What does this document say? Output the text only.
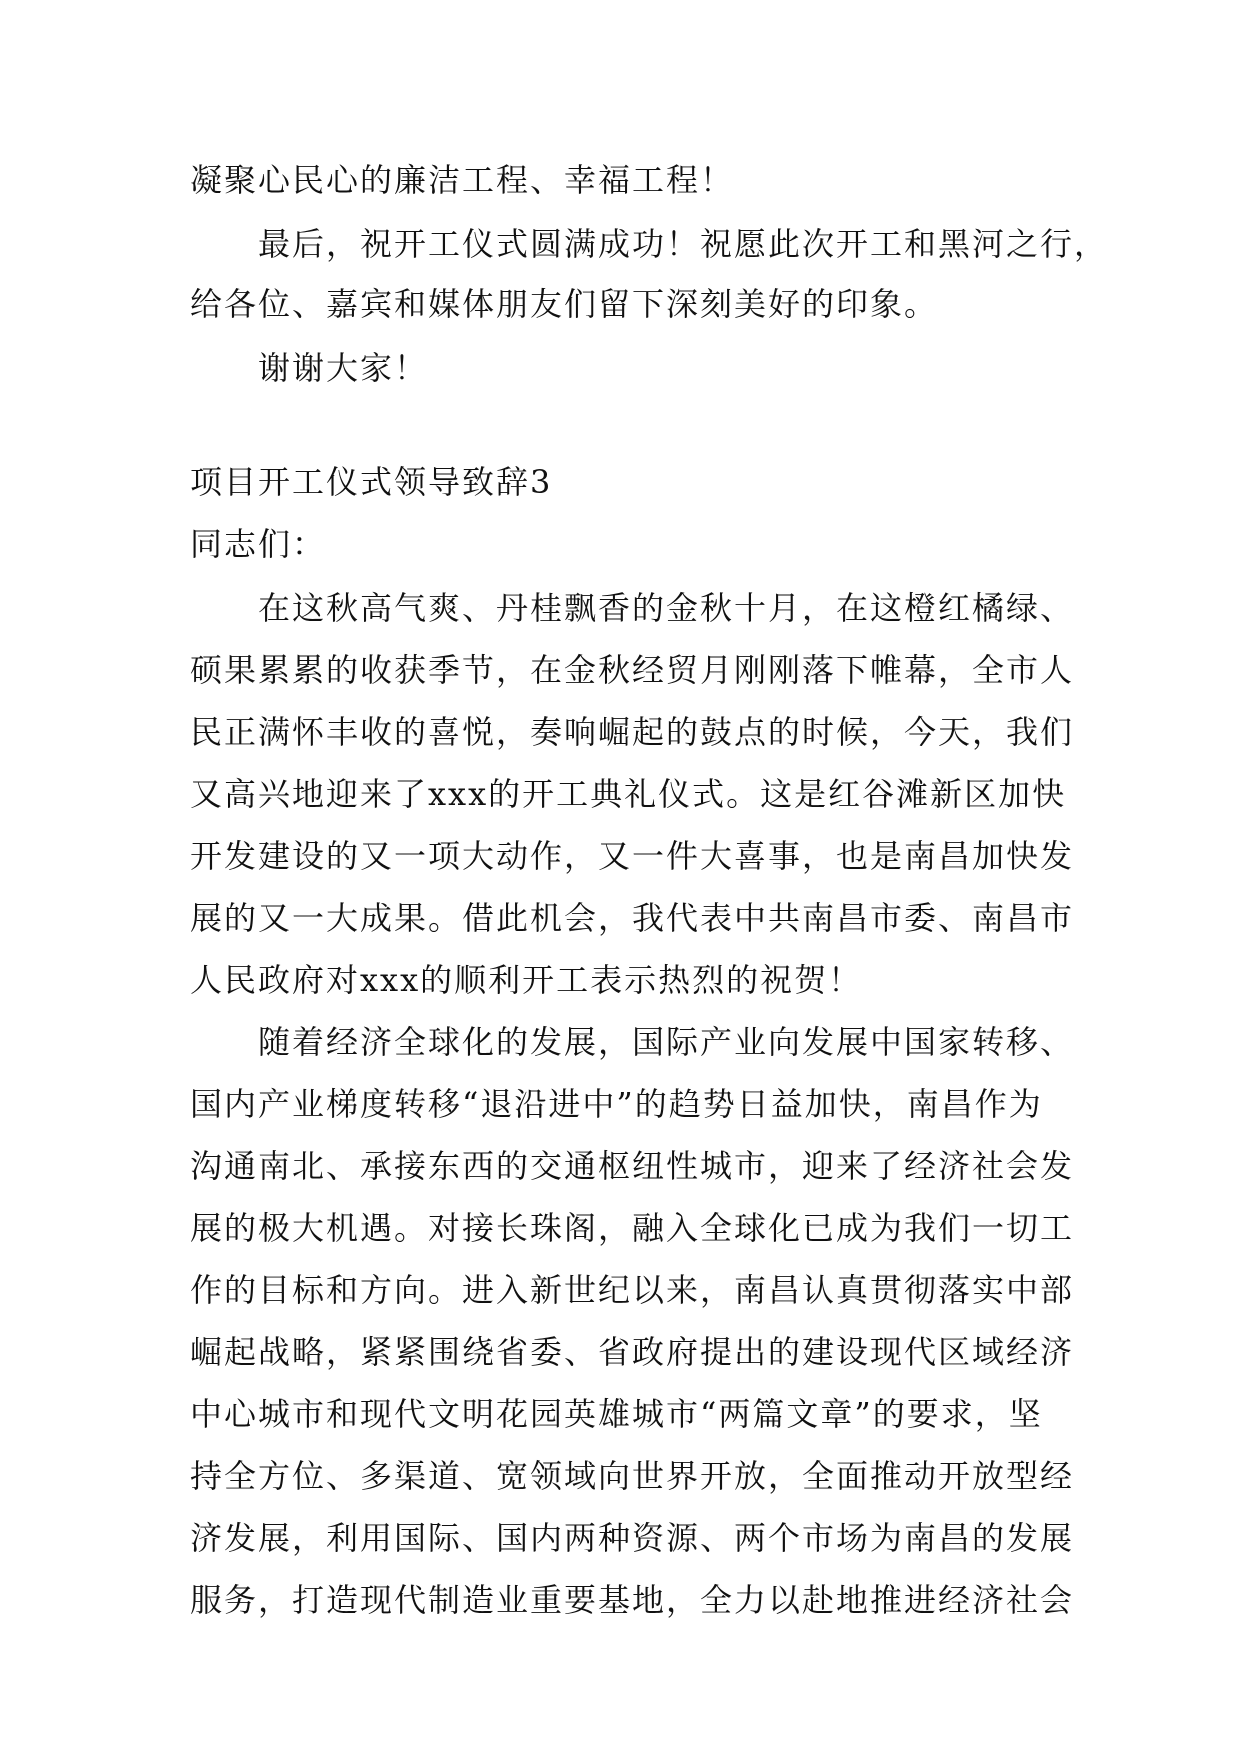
凝聚心民心的廉洁工程、幸福工程！

最后，祝开工仪式圆满成功！祝愿此次开工和黑河之行，

给各位、嘉宾和媒体朋友们留下深刻美好的印象。

谢谢大家！

项目开工仪式领导致辞3

同志们：

在这秋高气爽、丹桂飘香的金秋十月，在这橙红橘绿、

硕果累累的收获季节，在金秋经贸月刚刚落下帷幕，全市人

民正满怀丰收的喜悦，奏响崛起的鼓点的时候，今天，我们

又高兴地迎来了xxx的开工典礼仪式。这是红谷滩新区加快

开发建设的又一项大动作，又一件大喜事，也是南昌加快发

展的又一大成果。借此机会，我代表中共南昌市委、南昌市

人民政府对xxx的顺利开工表示热烈的祝贺！

随着经济全球化的发展，国际产业向发展中国家转移、

国内产业梯度转移“退沿进中”的趋势日益加快，南昌作为

沟通南北、承接东西的交通枢纽性城市，迎来了经济社会发

展的极大机遇。对接长珠阁，融入全球化已成为我们一切工

作的目标和方向。进入新世纪以来，南昌认真贯彻落实中部

崛起战略，紧紧围绕省委、省政府提出的建设现代区域经济

中心城市和现代文明花园英雄城市“两篇文章”的要求，坚

持全方位、多渠道、宽领域向世界开放，全面推动开放型经

济发展，利用国际、国内两种资源、两个市场为南昌的发展

服务，打造现代制造业重要基地，全力以赴地推进经济社会
